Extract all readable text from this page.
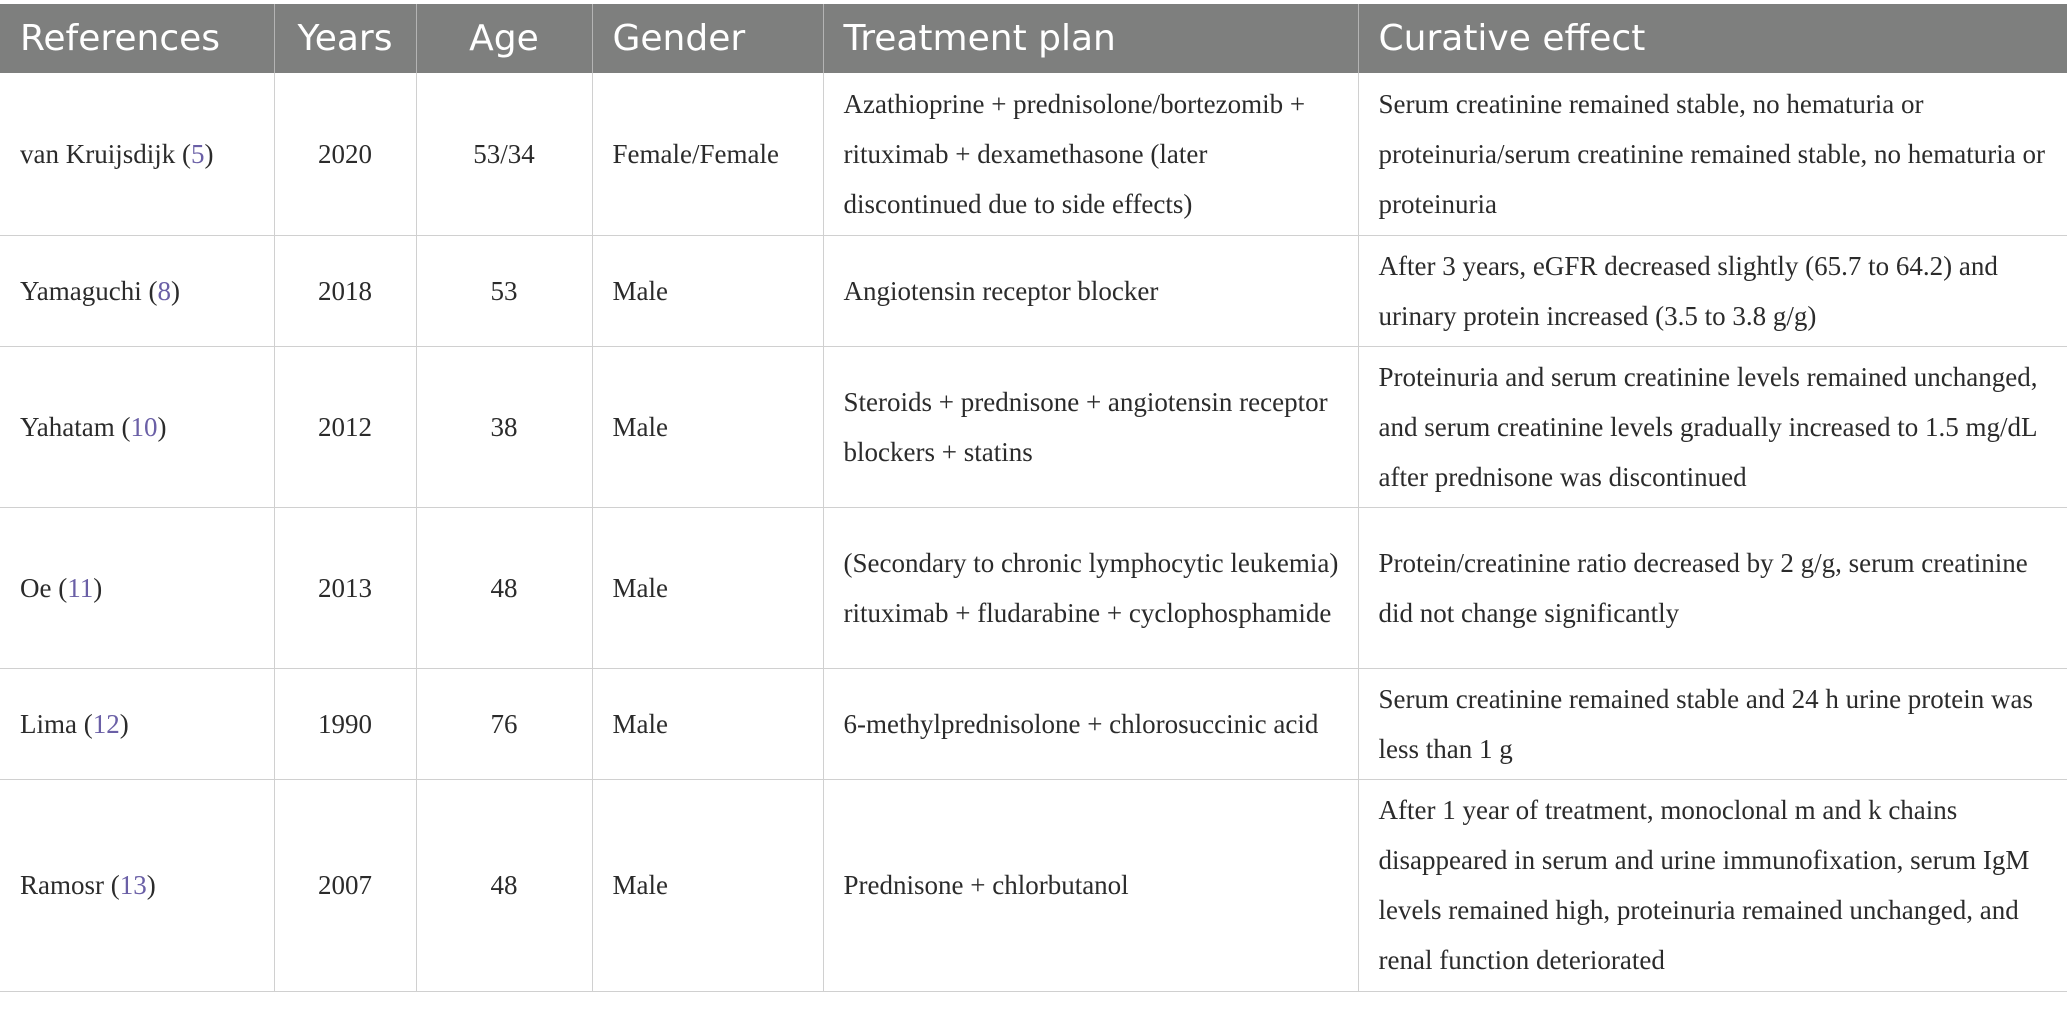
References	Years	Age	Gender	Treatment plan	Curative effect
van Kruijsdijk (5)	2020	53/34	Female/Female	Azathioprine + prednisolone/bortezomib + rituximab + dexamethasone (later discontinued due to side effects)	Serum creatinine remained stable, no hematuria or proteinuria/serum creatinine remained stable, no hematuria or proteinuria
Yamaguchi (8)	2018	53	Male	Angiotensin receptor blocker	After 3 years, eGFR decreased slightly (65.7 to 64.2) and urinary protein increased (3.5 to 3.8 g/g)
Yahatam (10)	2012	38	Male	Steroids + prednisone + angiotensin receptor blockers + statins	Proteinuria and serum creatinine levels remained unchanged, and serum creatinine levels gradually increased to 1.5 mg/dL after prednisone was discontinued
Oe (11)	2013	48	Male	(Secondary to chronic lymphocytic leukemia) rituximab + fludarabine + cyclophosphamide	Protein/creatinine ratio decreased by 2 g/g, serum creatinine did not change significantly
Lima (12)	1990	76	Male	6-methylprednisolone + chlorosuccinic acid	Serum creatinine remained stable and 24 h urine protein was less than 1 g
Ramosr (13)	2007	48	Male	Prednisone + chlorbutanol	After 1 year of treatment, monoclonal m and k chains disappeared in serum and urine immunofixation, serum IgM levels remained high, proteinuria remained unchanged, and renal function deteriorated
